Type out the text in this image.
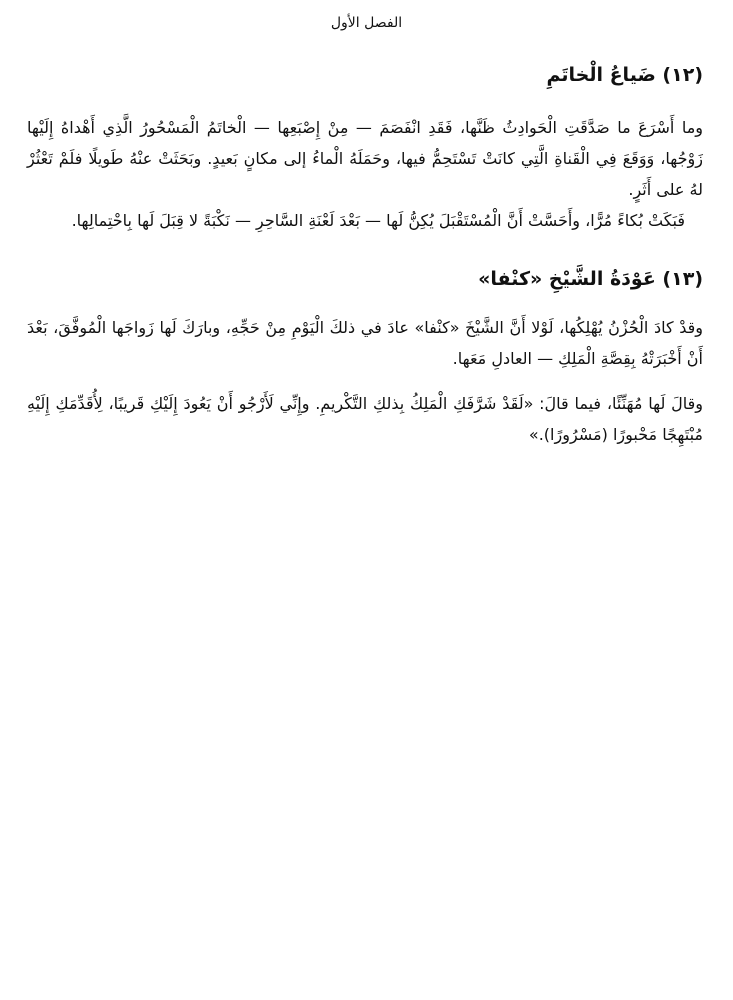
الفصل الأول
(١٢) ضَياعُ الْخاتَمِ

وما أَسْرَعَ ما صَدَّقَتِ الْحَوادِثُ ظَنَّها، فَقَدِ انْفَصَمَ — مِنْ إِصْبَعِها — الْخاتَمُ الْمَسْحُورُ الَّذِي أَهْداهُ إِلَيْها زَوْجُها، وَوَقَعَ فِي الْقَناةِ الَّتِي كانَتْ تَسْتَحِمُّ فيها، وحَمَلَهُ الْماءُ إلى مكانٍ بَعيدٍ. وبَحَثَتْ عنْهُ طَويلًا فلَمْ تَعْثُرْ لهُ على أَثَرٍ.

فَبَكَتْ بُكاءً مُرًّا، وأَحَسَّتْ أَنَّ الْمُسْتَقْبَلَ يُكِنُّ لَها — بَعْدَ لَعْنَةِ السَّاحِرِ — نَكْبَةً لا قِبَلَ لَها بِاحْتِمالِها.

(١٣) عَوْدَةُ الشَّيْخِ «كنْفا»

وقدْ كادَ الْحُزْنُ يُهْلِكُها، لَوْلا أَنَّ الشَّيْخَ «كنْفا» عادَ في ذلكَ الْيَوْمِ مِنْ حَجِّهِ، وبارَكَ لَها زَواجَها الْمُوفَّقَ، بَعْدَ أَنْ أَخْبَرَتْهُ بِقِصَّةِ الْمَلِكِ — العادلِ مَعَها.

وقالَ لَها مُهَنِّئًا، فيما قالَ: «لَقَدْ شَرَّفَكِ الْمَلِكُ بِذلكِ التَّكْريمِ. وإِنِّي لَأَرْجُو أَنْ يَعُودَ إِلَيْكِ قَريبًا، لِأُقَدِّمَكِ إِلَيْهِ مُبْتَهِجًا مَحْبورًا (مَسْرُورًا).»
